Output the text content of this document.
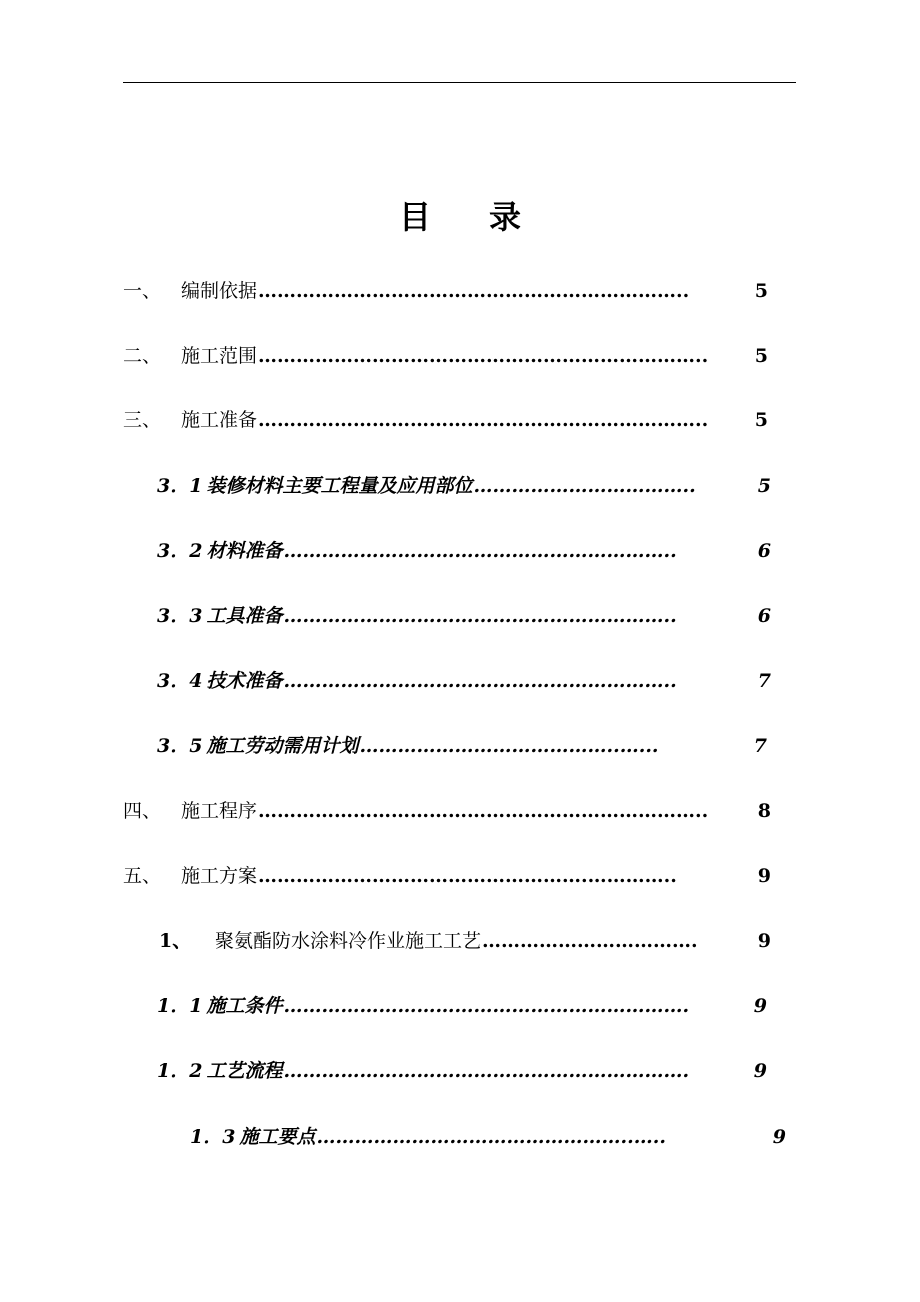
目 录
一、	编制依据 …………………………………………………………..	5
二、	施工范围 ……………………………………………………………..	5
三、	施工准备 ……………………………………………………………..	5
3．1 装修材料主要工程量及应用部位 ……………………………..	5
3．2 材料准备 ……………………………………………………..	6
3．3 工具准备 ……………………………………………………..	6
3．4 技术准备 ……………………………………………………..	7
3．5 施工劳动需用计划 …………………………………..…...	7
四、	施工程序 ……………………………………………………………..	8
五、	施工方案 …………………………………………….…………..	9
1、	聚氨酯防水涂料冷作业施工工艺 …………………………….	9
1．1 施工条件 ……………………………………………………….	9
1．2 工艺流程 ……………………………………………………….	9
1．3 施工要点 …………………………………………..…..	9
